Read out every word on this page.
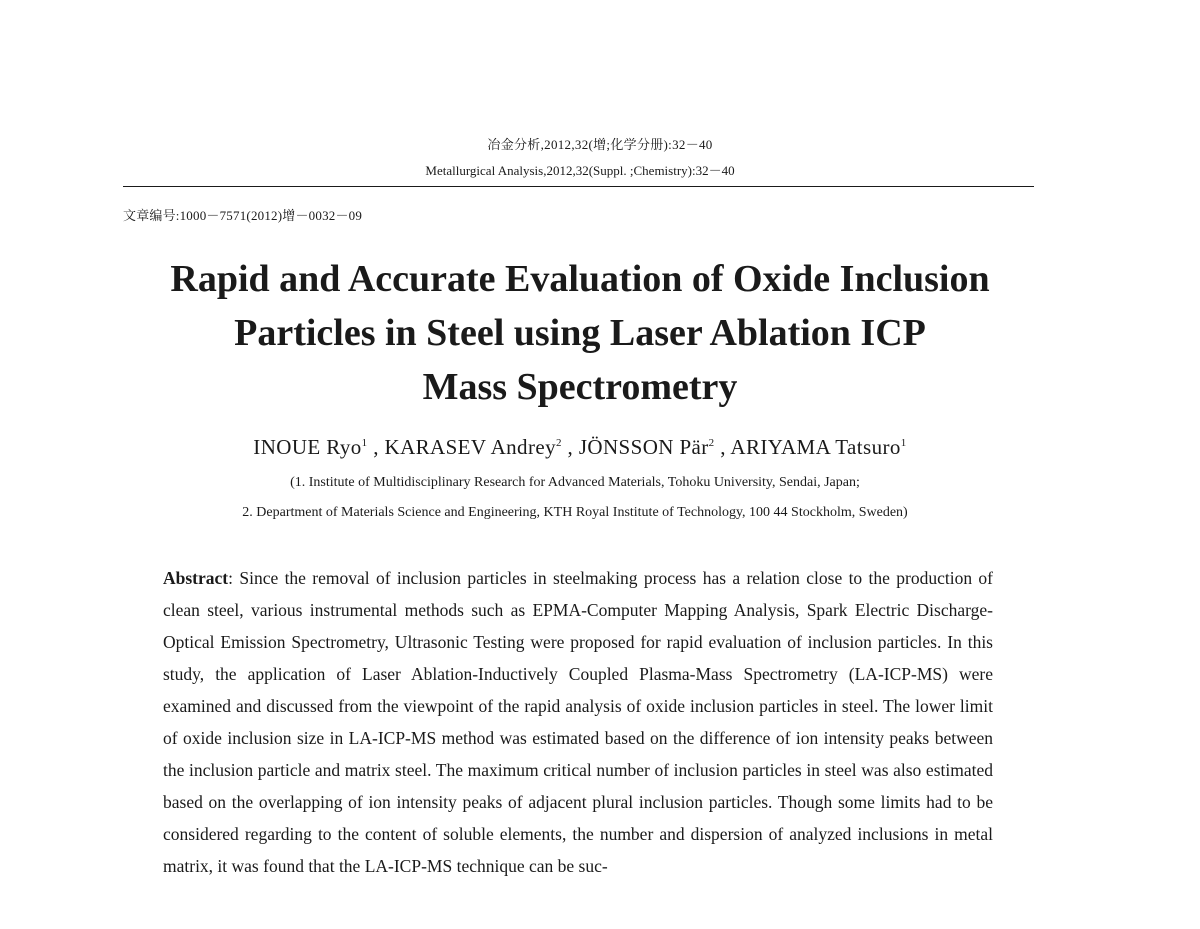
冶金分析,2012,32(增;化学分册):32－40
Metallurgical Analysis,2012,32(Suppl. ;Chemistry):32－40
文章编号:1000－7571(2012)增－0032－09
Rapid and Accurate Evaluation of Oxide Inclusion
Particles in Steel using Laser Ablation ICP
Mass Spectrometry
INOUE Ryo$^1$ , KARASEV Andrey$^2$ , JÖNSSON Pär$^2$ , ARIYAMA Tatsuro$^1$
(1. Institute of Multidisciplinary Research for Advanced Materials, Tohoku University, Sendai, Japan;
2. Department of Materials Science and Engineering, KTH Royal Institute of Technology, 100 44 Stockholm, Sweden)
Abstract: Since the removal of inclusion particles in steelmaking process has a relation close to the production of clean steel, various instrumental methods such as EPMA-Computer Mapping Analysis, Spark Electric Discharge-Optical Emission Spectrometry, Ultrasonic Testing were proposed for rapid evaluation of inclusion particles. In this study, the application of Laser Ablation-Inductively Coupled Plasma-Mass Spectrometry (LA-ICP-MS) were examined and discussed from the viewpoint of the rapid analysis of oxide inclusion particles in steel. The lower limit of oxide inclusion size in LA-ICP-MS method was estimated based on the difference of ion intensity peaks between the inclusion particle and matrix steel. The maximum critical number of inclusion particles in steel was also estimated based on the overlapping of ion intensity peaks of adjacent plural inclusion particles. Though some limits had to be considered regarding to the content of soluble elements, the number and dispersion of analyzed inclusions in metal matrix, it was found that the LA-ICP-MS technique can be suc-
